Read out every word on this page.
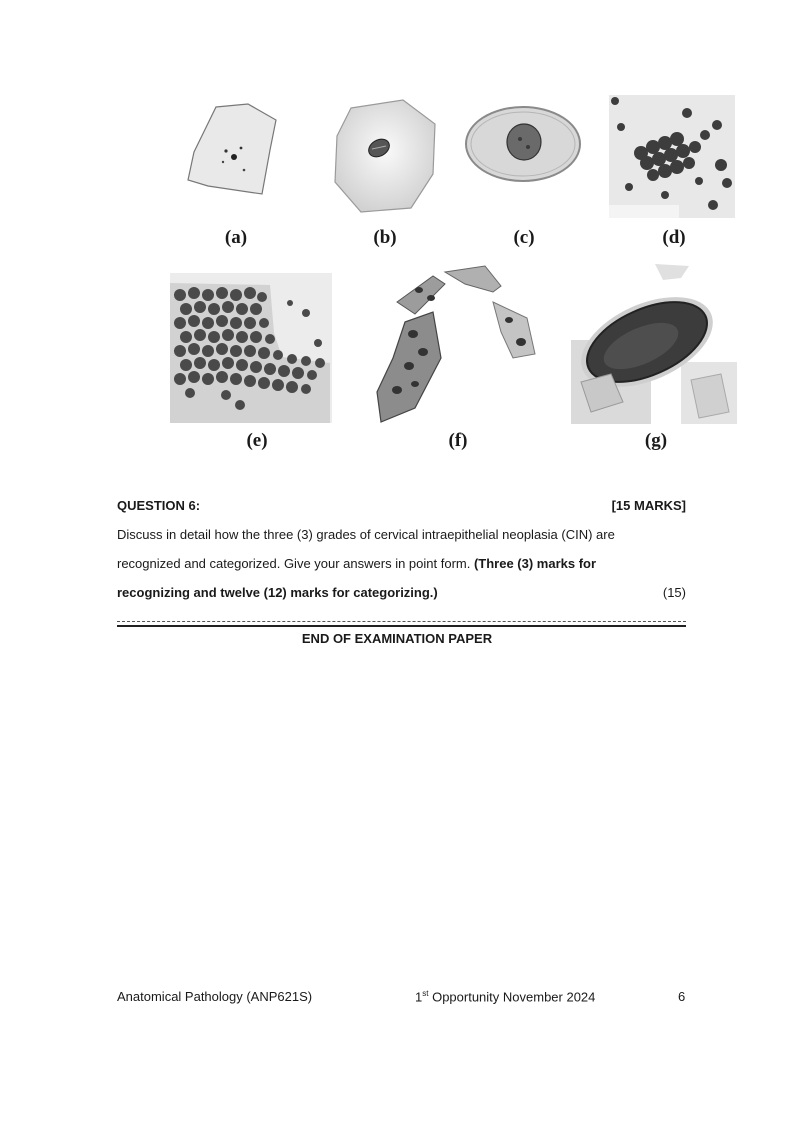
(a)	(b)	(c)	(d)
(e)	(f)	(g)
QUESTION 6:	[15 MARKS]
Discuss in detail how the three (3) grades of cervical intraepithelial neoplasia (CIN) are
recognized and categorized. Give your answers in point form. (Three (3) marks for
recognizing and twelve (12) marks for categorizing.)	(15)
END OF EXAMINATION PAPER
Anatomical Pathology (ANP621S)	1st Opportunity November 2024	6
